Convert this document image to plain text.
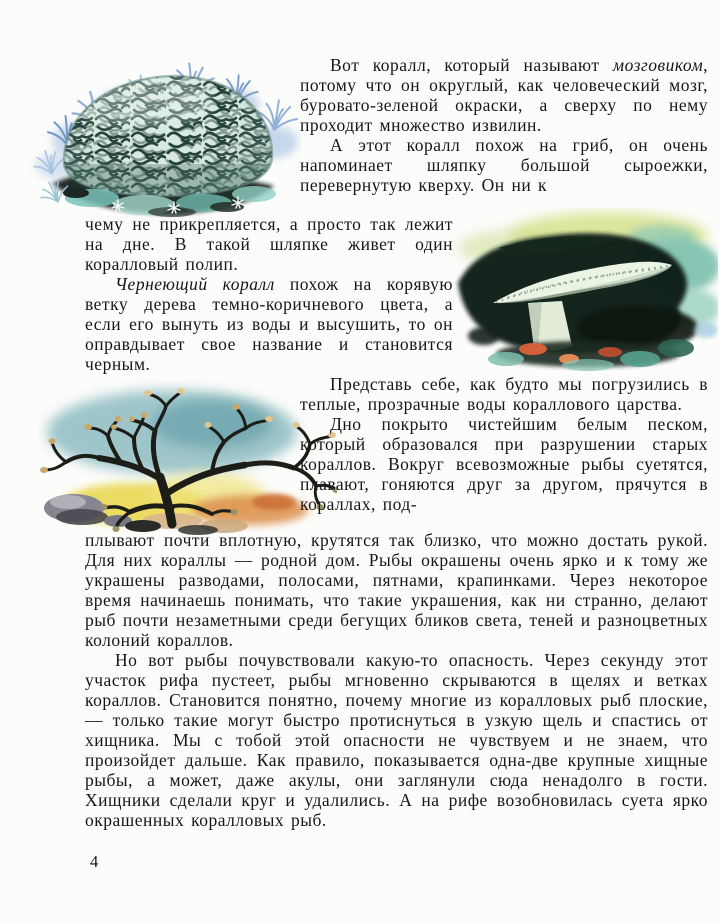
Вот коралл, который называют мозговиком, потому что он округлый, как человеческий мозг, буровато-зеленой окраски, а сверху по нему проходит множество извилин.

А этот коралл похож на гриб, он очень напоминает шляпку большой сыроежки, перевернутую кверху. Он ни к

чему не прикрепляется, а просто так лежит на дне. В такой шляпке живет один коралловый полип.

Чернеющий коралл похож на корявую ветку дерева темно-коричневого цвета, а если его вынуть из воды и высушить, то он оправдывает свое название и становится черным.

Представь себе, как будто мы погрузились в теплые, прозрачные воды кораллового царства.

Дно покрыто чистейшим белым песком, который образовался при разрушении старых кораллов. Вокруг всевозможные рыбы суетятся, плавают, гоняются друг за другом, прячутся в кораллах, под-

плывают почти вплотную, крутятся так близко, что можно достать рукой. Для них кораллы — родной дом. Рыбы окрашены очень ярко и к тому же украшены разводами, полосами, пятнами, крапинками. Через некоторое время начинаешь понимать, что такие украшения, как ни странно, делают рыб почти незаметными среди бегущих бликов света, теней и разноцветных колоний кораллов.

Но вот рыбы почувствовали какую-то опасность. Через секунду этот участок рифа пустеет, рыбы мгновенно скрываются в щелях и ветках кораллов. Становится понятно, почему многие из коралловых рыб плоские, — только такие могут быстро протиснуться в узкую щель и спастись от хищника. Мы с тобой этой опасности не чувствуем и не знаем, что произойдет дальше. Как правило, показывается одна-две крупные хищные рыбы, а может, даже акулы, они заглянули сюда ненадолго в гости. Хищники сделали круг и удалились. А на рифе возобновилась суета ярко окрашенных коралловых рыб.

4
